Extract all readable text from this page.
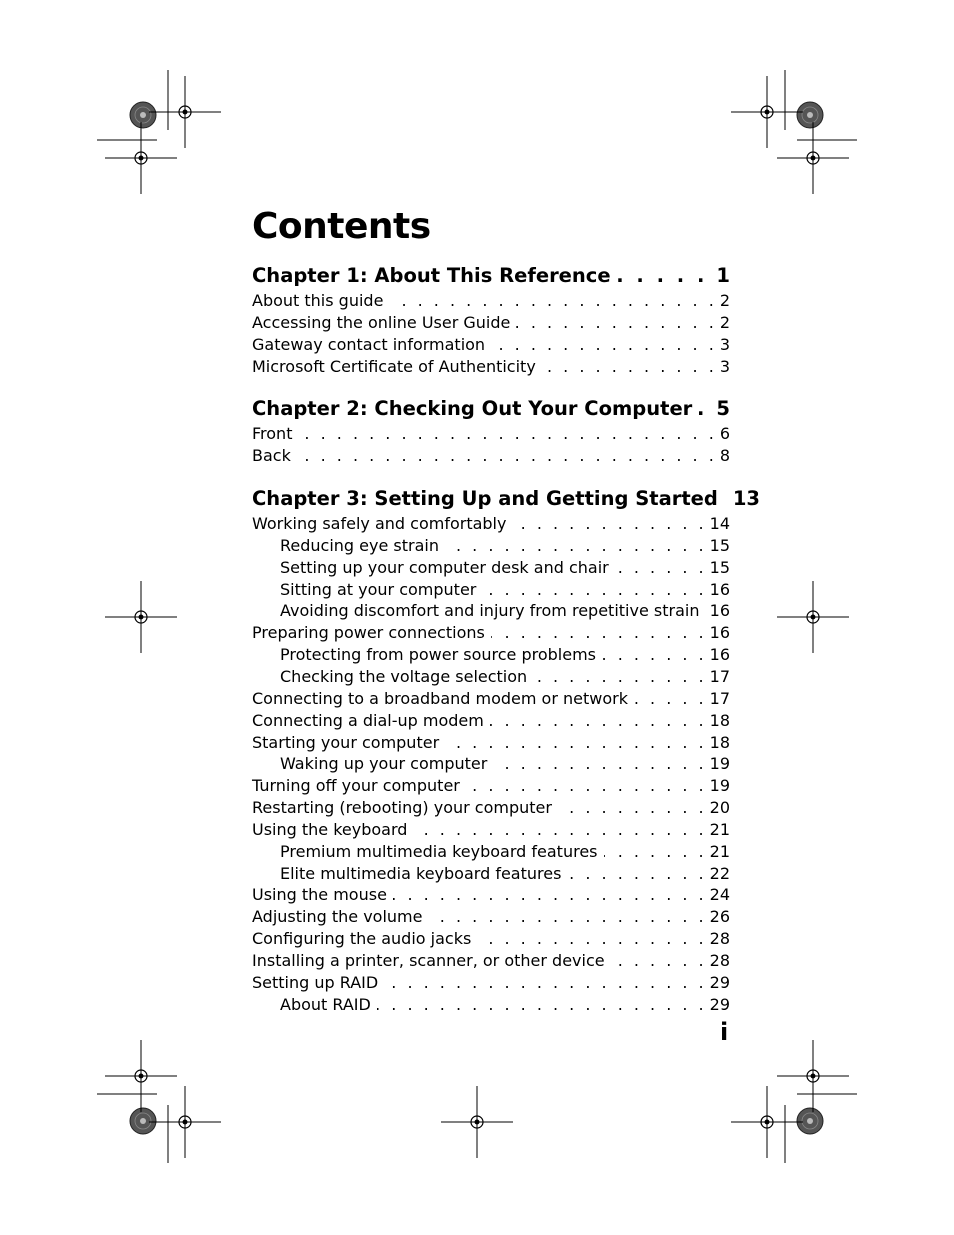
Contents
Chapter 1: About This Reference . . .	1
About this guide . . .	2
Accessing the online User Guide . . .	2
Gateway contact information . . .	3
Microsoft Certificate of Authenticity . . .	3
Chapter 2: Checking Out Your Computer . . . 5
Front . . .	6
Back . . .	8
Chapter 3: Setting Up and Getting Started 13
Working safely and comfortably . . .	14
Reducing eye strain . . .	15
Setting up your computer desk and chair . . .	15
Sitting at your computer . . .	16
Avoiding discomfort and injury from repetitive strain . . . 16
Preparing power connections . . .	16
Protecting from power source problems . . .	16
Checking the voltage selection . . .	17
Connecting to a broadband modem or network . . .	17
Connecting a dial-up modem . . .	18
Starting your computer . . .	18
Waking up your computer . . .	19
Turning off your computer . . .	19
Restarting (rebooting) your computer . . .	20
Using the keyboard . . .	21
Premium multimedia keyboard features . . .	21
Elite multimedia keyboard features . . .	22
Using the mouse . . .	24
Adjusting the volume . . .	26
Configuring the audio jacks . . .	28
Installing a printer, scanner, or other device . . .	28
Setting up RAID . . .	29
About RAID . . .	29
i
